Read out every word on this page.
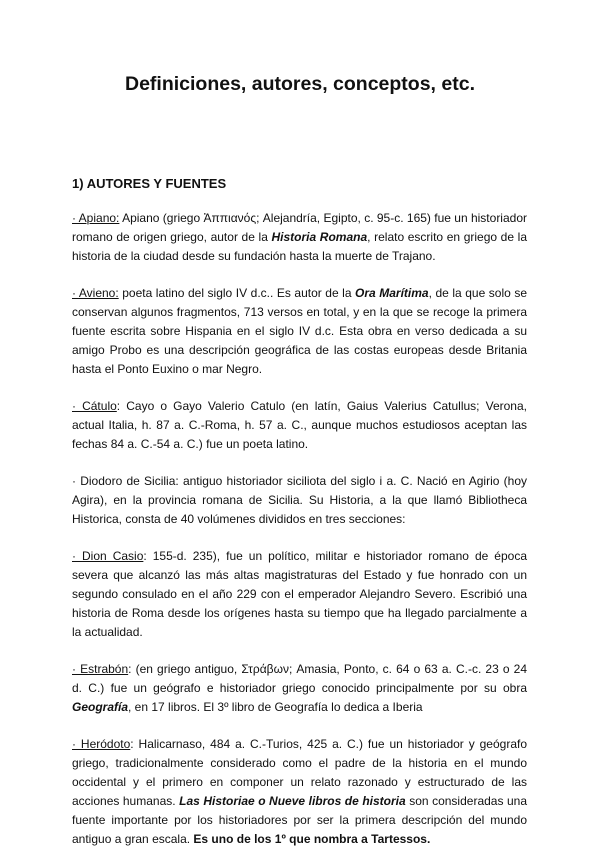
Definiciones, autores, conceptos, etc.
1) AUTORES Y FUENTES

· Apiano: Apiano (griego Ἀππιανός; Alejandría, Egipto, c. 95-c. 165) fue un historiador romano de origen griego, autor de la Historia Romana, relato escrito en griego de la historia de la ciudad desde su fundación hasta la muerte de Trajano.

· Avieno: poeta latino del siglo IV d.c.. Es autor de la Ora Marítima, de la que solo se conservan algunos fragmentos, 713 versos en total, y en la que se recoge la primera fuente escrita sobre Hispania en el siglo IV d.c. Esta obra en verso dedicada a su amigo Probo es una descripción geográfica de las costas europeas desde Britania hasta el Ponto Euxino o mar Negro.

· Cátulo: Cayo o Gayo Valerio Catulo (en latín, Gaius Valerius Catullus; Verona, actual Italia, h. 87 a. C.-Roma, h. 57 a. C., aunque muchos estudiosos aceptan las fechas 84 a. C.-54 a. C.) fue un poeta latino.

· Diodoro de Sicilia: antiguo historiador siciliota del siglo i a. C. Nació en Agirio (hoy Agira), en la provincia romana de Sicilia. Su Historia, a la que llamó Bibliotheca Historica, consta de 40 volúmenes divididos en tres secciones:

· Dion Casio: 155-d. 235), fue un político, militar e historiador romano de época severa que alcanzó las más altas magistraturas del Estado y fue honrado con un segundo consulado en el año 229 con el emperador Alejandro Severo. Escribió una historia de Roma desde los orígenes hasta su tiempo que ha llegado parcialmente a la actualidad.

· Estrabón: (en griego antiguo, Στράβων; Amasia, Ponto, c. 64 o 63 a. C.-c. 23 o 24 d. C.) fue un geógrafo e historiador griego conocido principalmente por su obra Geografía, en 17 libros. El 3º libro de Geografía lo dedica a Iberia

· Heródoto: Halicarnaso, 484 a. C.-Turios, 425 a. C.) fue un historiador y geógrafo griego, tradicionalmente considerado como el padre de la historia en el mundo occidental y el primero en componer un relato razonado y estructurado de las acciones humanas. Las Historiae o Nueve libros de historia son consideradas una fuente importante por los historiadores por ser la primera descripción del mundo antiguo a gran escala. Es uno de los 1º que nombra a Tartessos.
